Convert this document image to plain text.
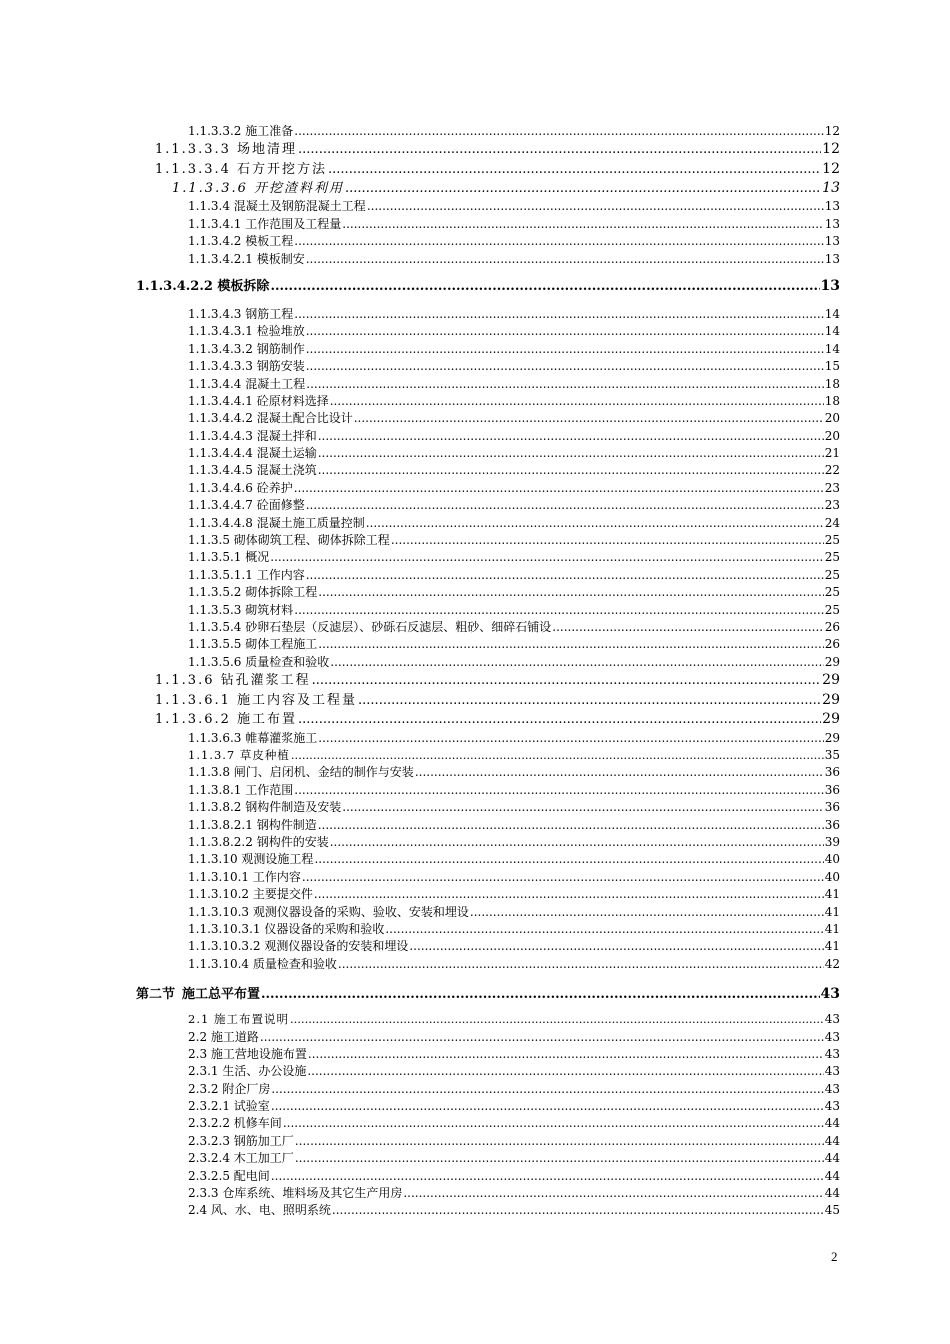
1.1.3.3.2 施工准备 .....	12
1.1.3.3.3 场地清理 .....	12
1.1.3.3.4 石方开挖方法 .....	12
1.1.3.3.6 开挖渣料利用 .....	13
1.1.3.4 混凝土及钢筋混凝土工程 .....	13
1.1.3.4.1 工作范围及工程量 .....	13
1.1.3.4.2 模板工程 .....	13
1.1.3.4.2.1 模板制安 .....	13
1.1.3.4.2.2 模板拆除 .....	13
1.1.3.4.3 钢筋工程 .....	14
1.1.3.4.3.1 检验堆放 .....	14
1.1.3.4.3.2 钢筋制作 .....	14
1.1.3.4.3.3 钢筋安装 .....	15
1.1.3.4.4 混凝土工程 .....	18
1.1.3.4.4.1 砼原材料选择 .....	18
1.1.3.4.4.2 混凝土配合比设计 .....	20
1.1.3.4.4.3 混凝土拌和 .....	20
1.1.3.4.4.4 混凝土运输 .....	21
1.1.3.4.4.5 混凝土浇筑 .....	22
1.1.3.4.4.6 砼养护 .....	23
1.1.3.4.4.7 砼面修整 .....	23
1.1.3.4.4.8 混凝土施工质量控制 .....	24
1.1.3.5 砌体砌筑工程、砌体拆除工程 .....	25
1.1.3.5.1 概况 .....	25
1.1.3.5.1.1 工作内容 .....	25
1.1.3.5.2 砌体拆除工程 .....	25
1.1.3.5.3 砌筑材料 .....	25
1.1.3.5.4 砂卵石垫层（反滤层）、砂砾石反滤层、粗砂、细碎石铺设 .....	26
1.1.3.5.5 砌体工程施工 .....	26
1.1.3.5.6 质量检查和验收 .....	29
1.1.3.6 钻孔灌浆工程 .....	29
1.1.3.6.1 施工内容及工程量 .....	29
1.1.3.6.2 施工布置 .....	29
1.1.3.6.3 帷幕灌浆施工 .....	29
1.1.3.7 草皮种植 .....	35
1.1.3.8 闸门、启闭机、金结的制作与安装 .....	36
1.1.3.8.1 工作范围 .....	36
1.1.3.8.2 钢构件制造及安装 .....	36
1.1.3.8.2.1 钢构件制造 .....	36
1.1.3.8.2.2 钢构件的安装 .....	39
1.1.3.10 观测设施工程 .....	40
1.1.3.10.1 工作内容 .....	40
1.1.3.10.2 主要提交件 .....	41
1.1.3.10.3 观测仪器设备的采购、验收、安装和埋设 .....	41
1.1.3.10.3.1 仪器设备的采购和验收 .....	41
1.1.3.10.3.2 观测仪器设备的安装和埋设 .....	41
1.1.3.10.4 质量检查和验收 .....	42
第二节 施工总平布置 .....	43
2.1 施工布置说明 .....	43
2.2 施工道路 .....	43
2.3 施工营地设施布置 .....	43
2.3.1 生活、办公设施 .....	43
2.3.2 附企厂房 .....	43
2.3.2.1 试验室 .....	43
2.3.2.2 机修车间 .....	44
2.3.2.3 钢筋加工厂 .....	44
2.3.2.4 木工加工厂 .....	44
2.3.2.5 配电间 .....	44
2.3.3 仓库系统、堆料场及其它生产用房 .....	44
2.4 风、水、电、照明系统 .....	45
2
